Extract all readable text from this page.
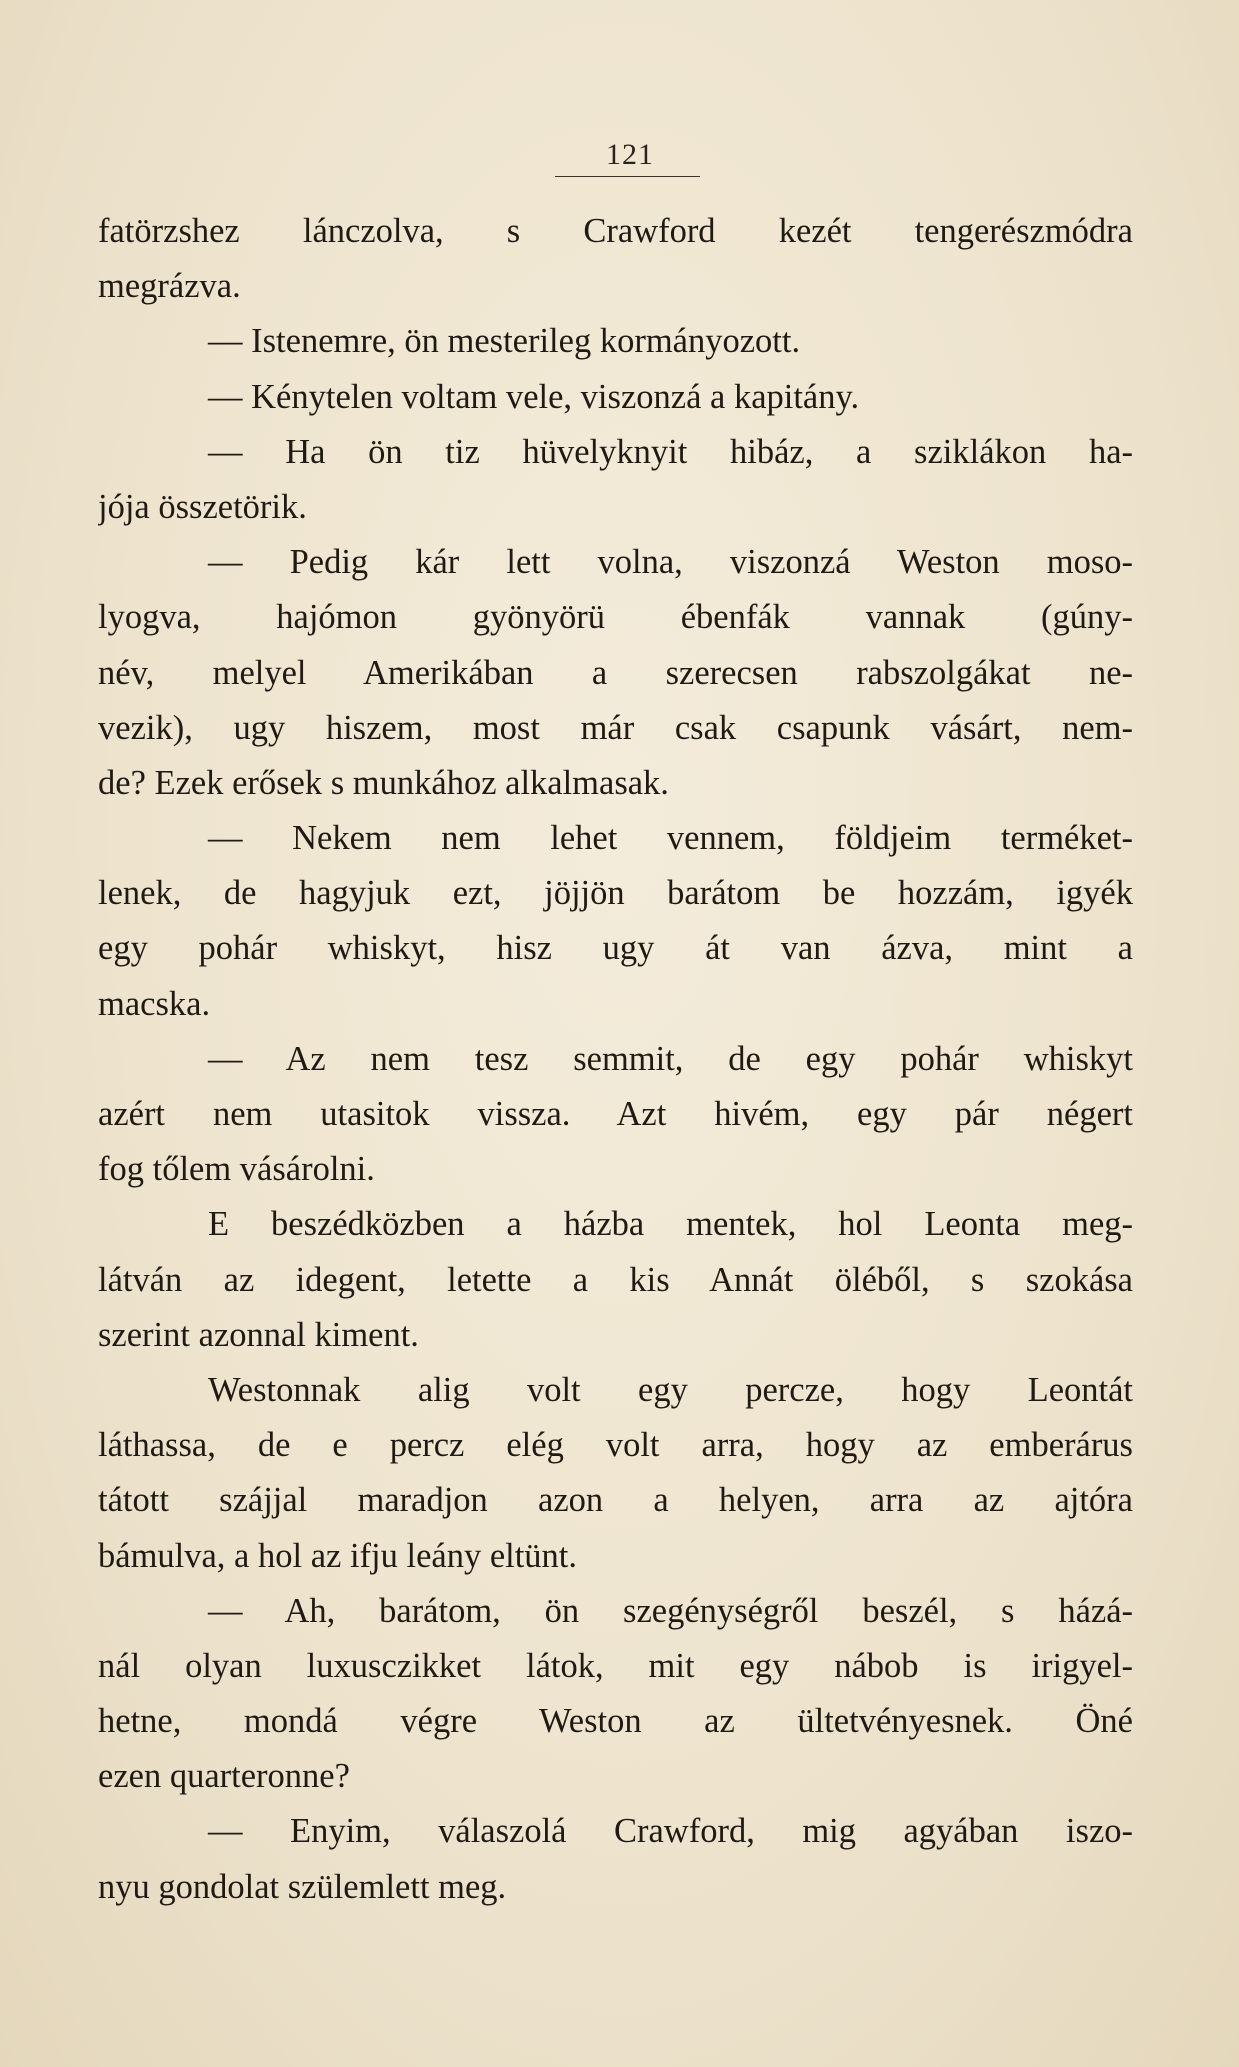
121
fatörzshez lánczolva, s Crawford kezét tengerészmódra
megrázva.
— Istenemre, ön mesterileg kormányozott.
— Kénytelen voltam vele, viszonzá a kapitány.
— Ha ön tiz hüvelyknyit hibáz, a sziklákon ha-
jója összetörik.
— Pedig kár lett volna, viszonzá Weston moso-
lyogva, hajómon gyönyörü ébenfák vannak (gúny-
név, melyel Amerikában a szerecsen rabszolgákat ne-
vezik), ugy hiszem, most már csak csapunk vásárt, nem-
de? Ezek erősek s munkához alkalmasak.
— Nekem nem lehet vennem, földjeim terméket-
lenek, de hagyjuk ezt, jöjjön barátom be hozzám, igyék
egy pohár whiskyt, hisz ugy át van ázva, mint a
macska.
— Az nem tesz semmit, de egy pohár whiskyt
azért nem utasitok vissza. Azt hivém, egy pár négert
fog tőlem vásárolni.
E beszédközben a házba mentek, hol Leonta meg-
látván az idegent, letette a kis Annát öléből, s szokása
szerint azonnal kiment.
Westonnak alig volt egy percze, hogy Leontát
láthassa, de e percz elég volt arra, hogy az emberárus
tátott szájjal maradjon azon a helyen, arra az ajtóra
bámulva, a hol az ifju leány eltünt.
— Ah, barátom, ön szegénységről beszél, s házá-
nál olyan luxusczikket látok, mit egy nábob is irigyel-
hetne, mondá végre Weston az ültetvényesnek. Öné
ezen quarteronne?
— Enyim, válaszolá Crawford, mig agyában iszo-
nyu gondolat szülemlett meg.
